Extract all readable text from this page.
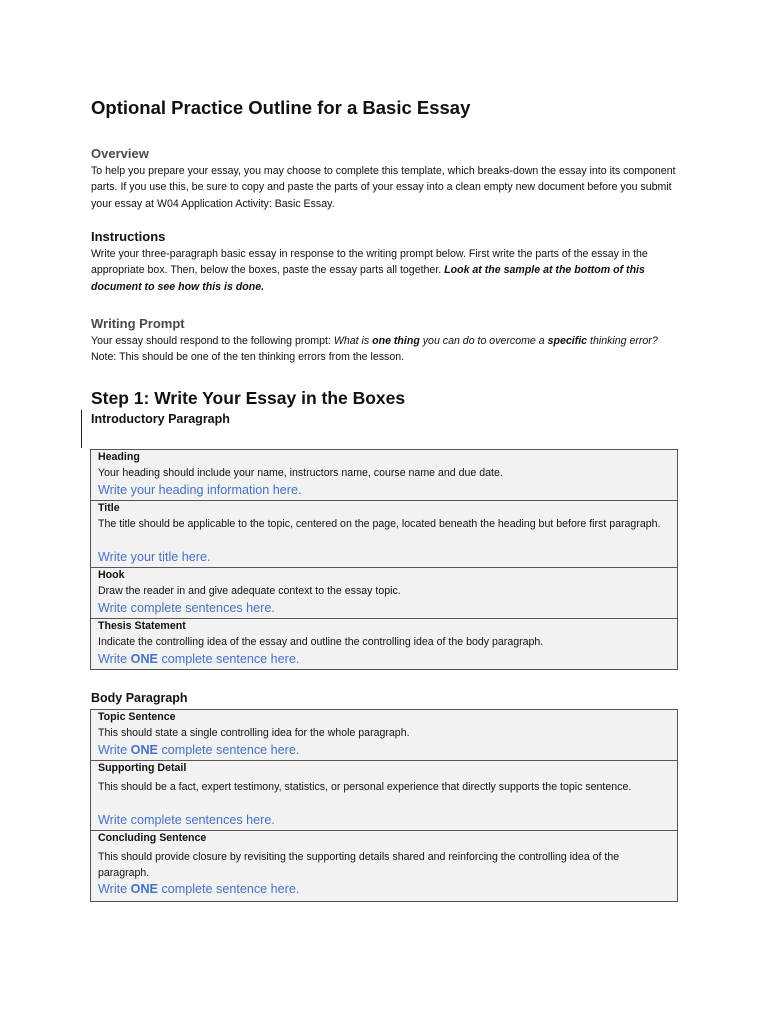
Optional Practice Outline for a Basic Essay
Overview
To help you prepare your essay, you may choose to complete this template, which breaks-down the essay into its component parts. If you use this, be sure to copy and paste the parts of your essay into a clean empty new document before you submit your essay at W04 Application Activity: Basic Essay.
Instructions
Write your three-paragraph basic essay in response to the writing prompt below. First write the parts of the essay in the appropriate box. Then, below the boxes, paste the essay parts all together. Look at the sample at the bottom of this document to see how this is done.
Writing Prompt
Your essay should respond to the following prompt: What is one thing you can do to overcome a specific thinking error? Note: This should be one of the ten thinking errors from the lesson.
Step 1: Write Your Essay in the Boxes
Introductory Paragraph
Body Paragraph
Heading
Your heading should include your name, instructors name, course name and due date.
Write your heading information here.
Title
The title should be applicable to the topic, centered on the page, located beneath the heading but before first paragraph.
Write your title here.
Hook
Draw the reader in and give adequate context to the essay topic.
Write complete sentences here.
Thesis Statement
Indicate the controlling idea of the essay and outline the controlling idea of the body paragraph.
Write ONE complete sentence here.
Topic Sentence
This should state a single controlling idea for the whole paragraph.
Write ONE complete sentence here.
Supporting Detail
This should be a fact, expert testimony, statistics, or personal experience that directly supports the topic sentence.
Write complete sentences here.
Concluding Sentence
This should provide closure by revisiting the supporting details shared and reinforcing the controlling idea of the paragraph.
Write ONE complete sentence here.
